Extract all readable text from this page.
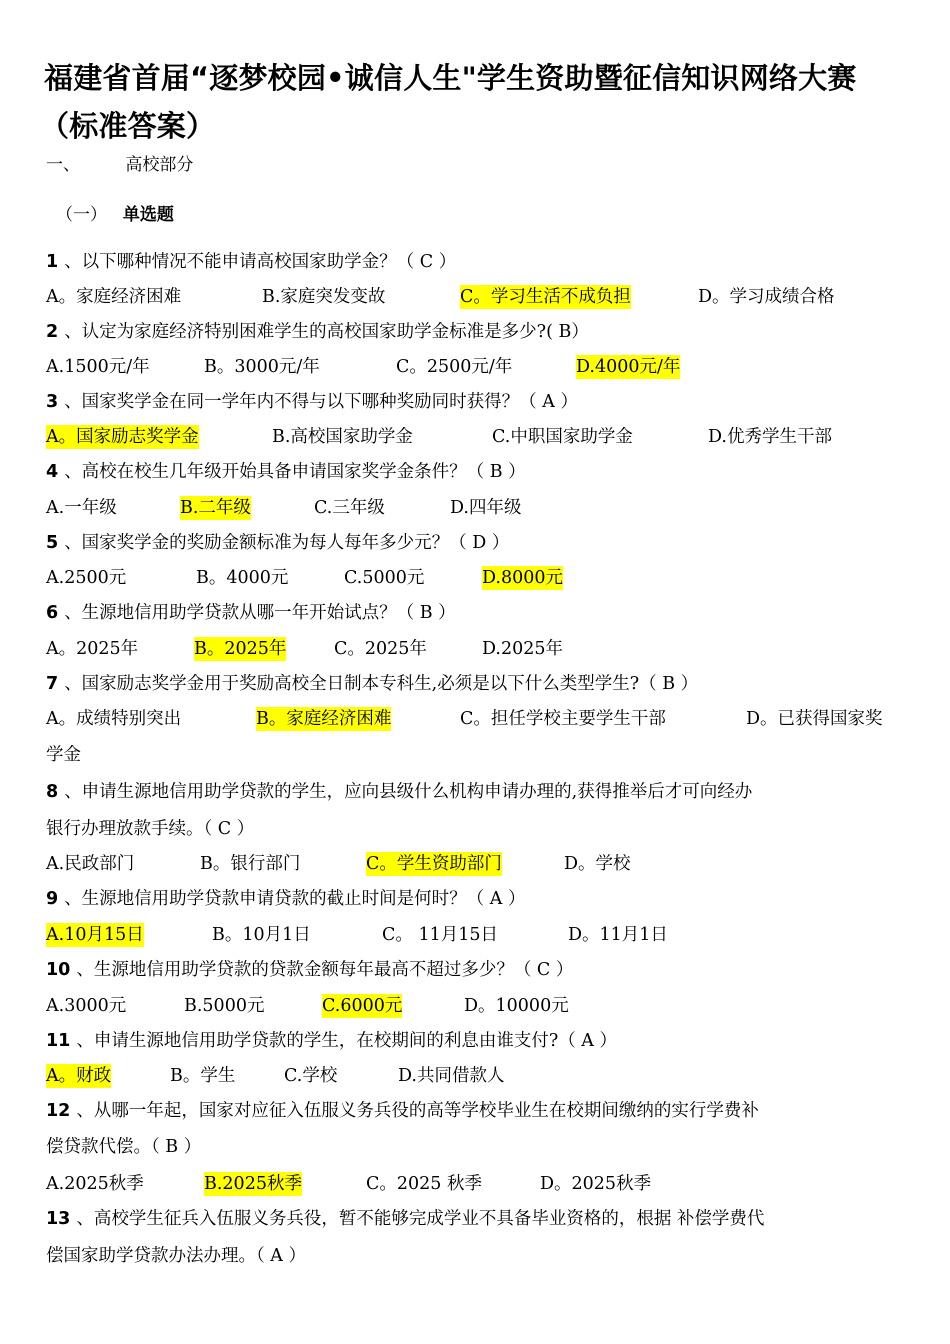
福建省首届“逐梦校园•诚信人生"学生资助暨征信知识网络大赛
（标准答案）
一、	高校部分
（一） 单选题
1 、以下哪种情况不能申请高校国家助学金？（ C ）
A。家庭经济困难	B.家庭突发变故	C。学习生活不成负担	D。学习成绩合格
2 、认定为家庭经济特别困难学生的高校国家助学金标准是多少?( B）
A.1500元/年	B。3000元/年	C。2500元/年	D.4000元/年
3 、国家奖学金在同一学年内不得与以下哪种奖励同时获得？（ A ）
A。国家励志奖学金	B.高校国家助学金	C.中职国家助学金	D.优秀学生干部
4 、高校在校生几年级开始具备申请国家奖学金条件？（ B ）
A.一年级	B.二年级	C.三年级	D.四年级
5 、国家奖学金的奖励金额标准为每人每年多少元？（ D ）
A.2500元	B。4000元	C.5000元	D.8000元
6 、生源地信用助学贷款从哪一年开始试点？（ B ）
A。2025年	B。2025年	C。2025年	D.2025年
7 、国家励志奖学金用于奖励高校全日制本专科生,必须是以下什么类型学生?（ B ）
A。成绩特别突出	B。家庭经济困难	C。担任学校主要学生干部	D。已获得国家奖
学金
8 、申请生源地信用助学贷款的学生，应向县级什么机构申请办理的,获得推举后才可向经办
银行办理放款手续。（ C ）
A.民政部门	B。银行部门	C。学生资助部门	D。学校
9 、生源地信用助学贷款申请贷款的截止时间是何时？（ A ）
A.10月15日	B。10月1日	C。 11月15日	D。11月1日
10 、生源地信用助学贷款的贷款金额每年最高不超过多少？（ C ）
A.3000元	B.5000元	C.6000元	D。10000元
11 、申请生源地信用助学贷款的学生，在校期间的利息由谁支付?（ A ）
A。财政	B。学生	C.学校	D.共同借款人
12 、从哪一年起，国家对应征入伍服义务兵役的高等学校毕业生在校期间缴纳的实行学费补
偿贷款代偿。（ B ）
A.2025秋季	B.2025秋季	C。2025 秋季	D。2025秋季
13 、高校学生征兵入伍服义务兵役，暂不能够完成学业不具备毕业资格的，根据 补偿学费代
偿国家助学贷款办法办理。（ A ）
